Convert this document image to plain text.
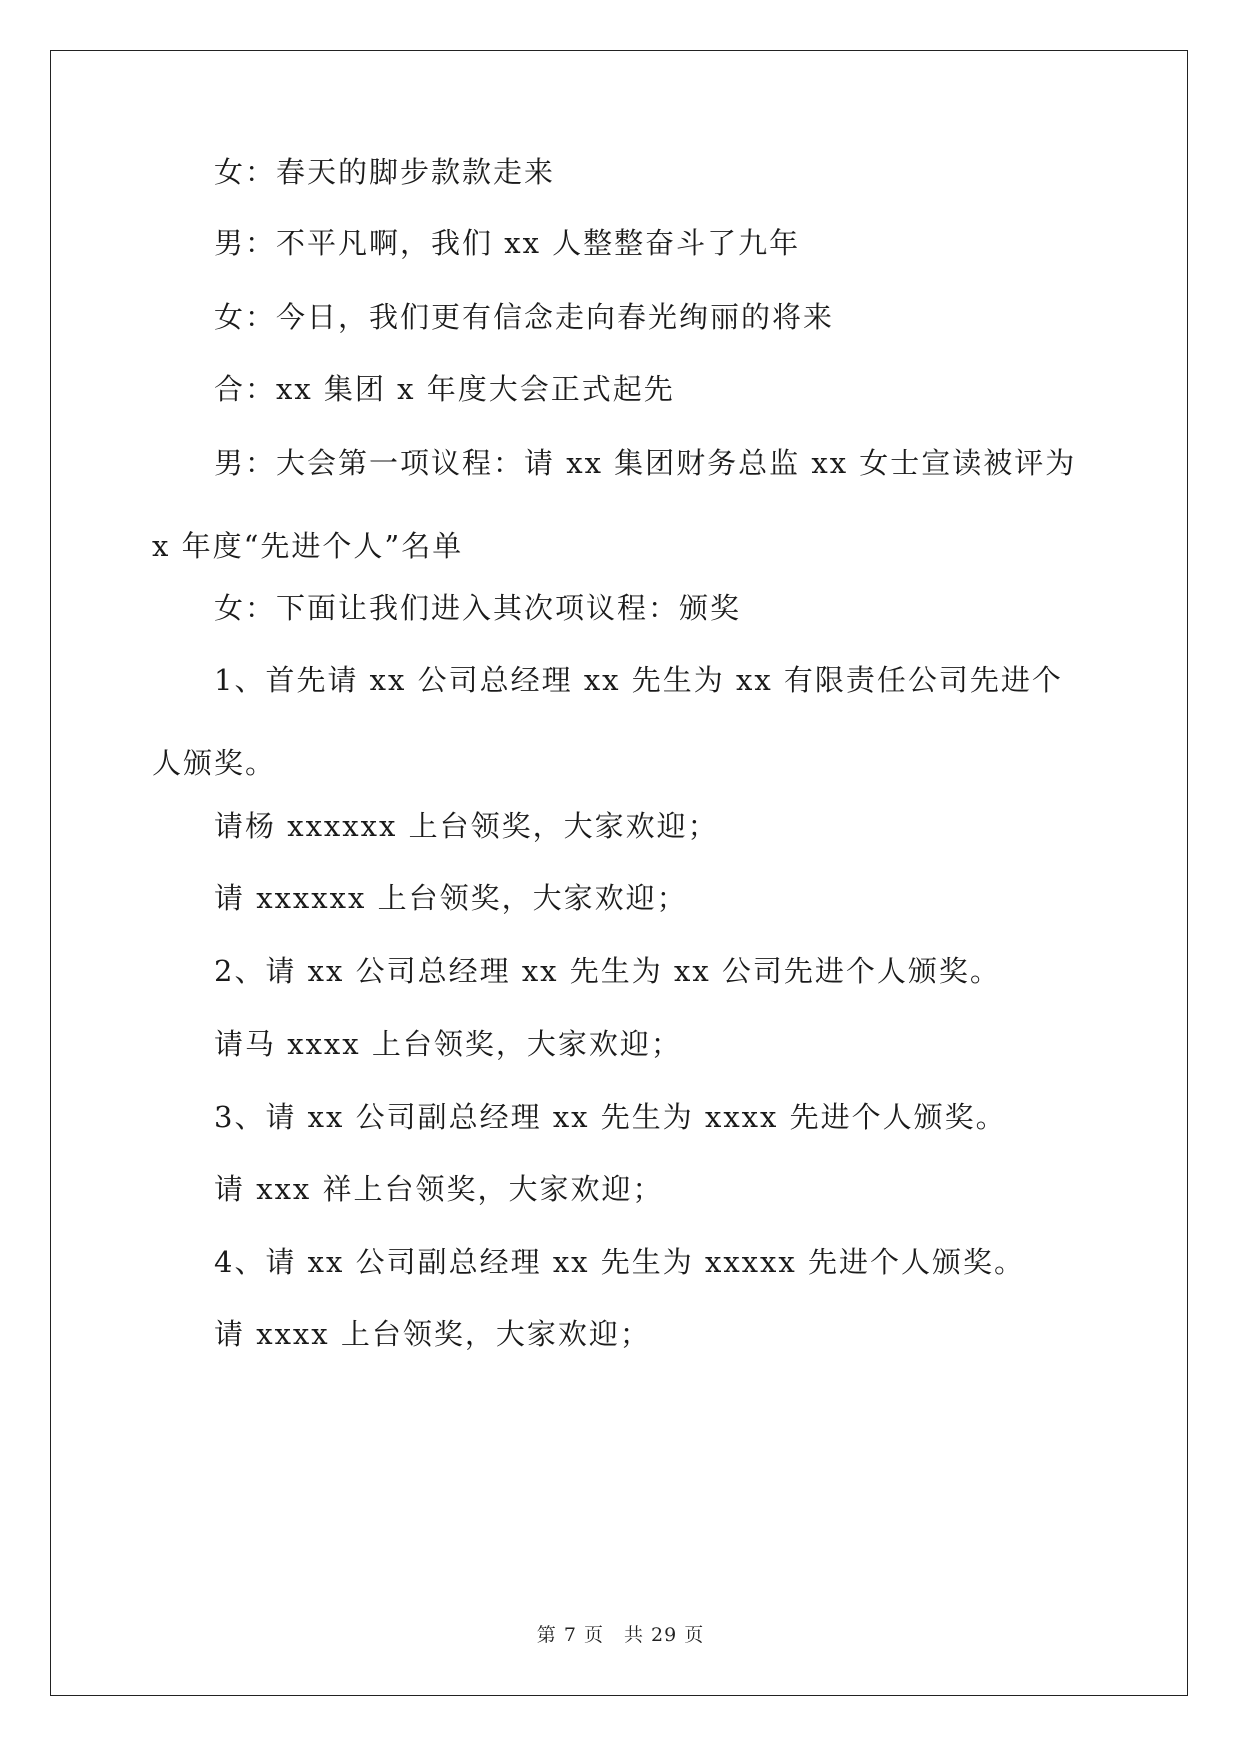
女：春天的脚步款款走来

男：不平凡啊，我们 xx 人整整奋斗了九年

女：今日，我们更有信念走向春光绚丽的将来

合：xx 集团 x 年度大会正式起先

男：大会第一项议程：请 xx 集团财务总监 xx 女士宣读被评为 x 年度“先进个人”名单

女：下面让我们进入其次项议程：颁奖

1、首先请 xx 公司总经理 xx 先生为 xx 有限责任公司先进个人颁奖。

请杨 xxxxxx 上台领奖，大家欢迎；

请 xxxxxx 上台领奖，大家欢迎；

2、请 xx 公司总经理 xx 先生为 xx 公司先进个人颁奖。

请马 xxxx 上台领奖，大家欢迎；

3、请 xx 公司副总经理 xx 先生为 xxxx 先进个人颁奖。

请 xxx 祥上台领奖，大家欢迎；

4、请 xx 公司副总经理 xx 先生为 xxxxx 先进个人颁奖。

请 xxxx 上台领奖，大家欢迎；

第 7 页　共 29 页
